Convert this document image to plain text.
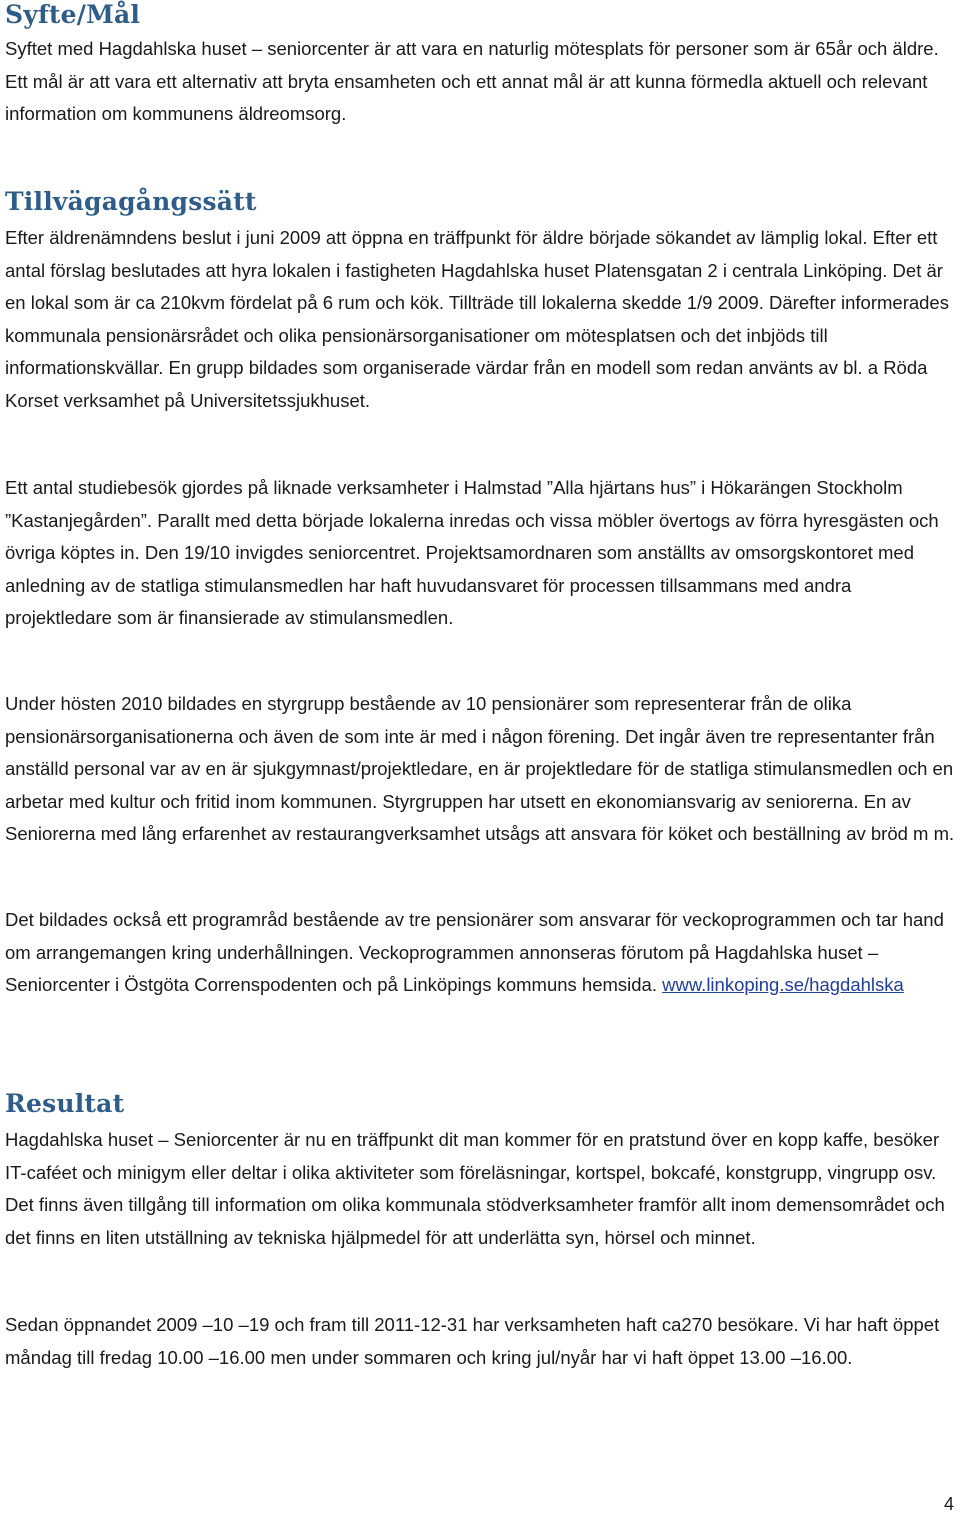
Syfte/Mål

Syftet med Hagdahlska huset – seniorcenter är att vara en naturlig mötesplats för personer som är 65år och äldre. Ett mål är att vara ett alternativ att bryta ensamheten och ett annat mål är att kunna förmedla aktuell och relevant information om kommunens äldreomsorg.

Tillvägagångssätt

Efter äldrenämndens beslut i juni 2009 att öppna en träffpunkt för äldre började sökandet av lämplig lokal. Efter ett antal förslag beslutades att hyra lokalen i fastigheten Hagdahlska huset Platensgatan 2 i centrala Linköping. Det är en lokal som är ca 210kvm fördelat på 6 rum och kök. Tillträde till lokalerna skedde 1/9 2009. Därefter informerades kommunala pensionärsrådet och olika pensionärsorganisationer om mötesplatsen och det inbjöds till informationskvällar. En grupp bildades som organiserade värdar från en modell som redan använts av bl. a Röda Korset verksamhet på Universitetssjukhuset.

Ett antal studiebesök gjordes på liknade verksamheter i Halmstad ”Alla hjärtans hus” i Hökarängen Stockholm ”Kastanjegården”. Parallt med detta började lokalerna inredas och vissa möbler övertogs av förra hyresgästen och övriga köptes in. Den 19/10 invigdes seniorcentret. Projektsamordnaren som anställts av omsorgskontoret med anledning av de statliga stimulansmedlen har haft huvudansvaret för processen tillsammans med andra projektledare som är finansierade av stimulansmedlen.

Under hösten 2010 bildades en styrgrupp bestående av 10 pensionärer som representerar från de olika pensionärsorganisationerna och även de som inte är med i någon förening. Det ingår även tre representanter från anställd personal var av en är sjukgymnast/projektledare, en är projektledare för de statliga stimulansmedlen och en arbetar med kultur och fritid inom kommunen. Styrgruppen har utsett en ekonomiansvarig av seniorerna. En av Seniorerna med lång erfarenhet av restaurangverksamhet utsågs att ansvara för köket och beställning av bröd m m.

Det bildades också ett programråd bestående av tre pensionärer som ansvarar för veckoprogrammen och tar hand om arrangemangen kring underhållningen. Veckoprogrammen annonseras förutom på Hagdahlska huset – Seniorcenter i Östgöta Correnspodenten och på Linköpings kommuns hemsida. www.linkoping.se/hagdahlska

Resultat

Hagdahlska huset – Seniorcenter är nu en träffpunkt dit man kommer för en pratstund över en kopp kaffe, besöker IT-caféet och minigym eller deltar i olika aktiviteter som föreläsningar, kortspel, bokcafé, konstgrupp, vingrupp osv. Det finns även tillgång till information om olika kommunala stödverksamheter framför allt inom demensområdet och det finns en liten utställning av tekniska hjälpmedel för att underlätta syn, hörsel och minnet.

Sedan öppnandet 2009 –10 –19 och fram till 2011-12-31 har verksamheten haft ca270 besökare. Vi har haft öppet måndag till fredag 10.00 –16.00 men under sommaren och kring jul/nyår har vi haft öppet 13.00 –16.00.

4
